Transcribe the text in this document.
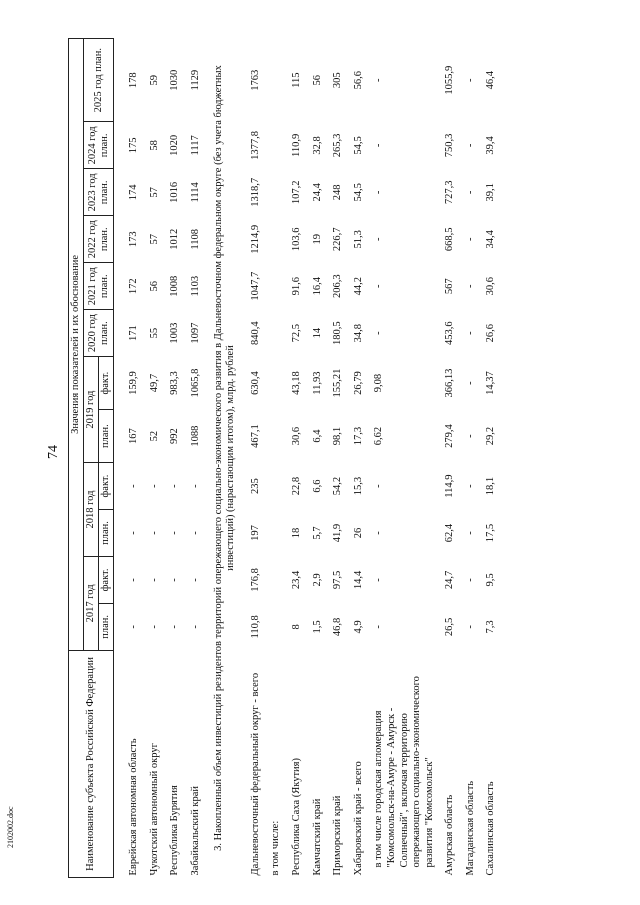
74
2102002.doc	Наименование субъекта Российской Федерации	Значения показателей и их обоснование											
	2017 год		2018 год		2019 год		2020 год план.	2021 год план.	2022 год план.	2023 год план.	2024 год план.	2025 год план.
	план.	факт.	план.	факт.	план.	факт.						

Еврейская автономная область	-	-	-	-	167	159,9	171	172	173	174	175	178
Чукотский автономный округ	-	-	-	-	52	49,7	55	56	57	57	58	59
Республика Бурятия	-	-	-	-	992	983,3	1003	1008	1012	1016	1020	1030
Забайкальский край	-	-	-	-	1088	1065,8	1097	1103	1108	1114	1117	1129
3. Накопленный объем инвестиций резидентов территорий опережающего социально-экономического развития в Дальневосточном федеральном округе (без учета бюджетных инвестиций) (нарастающим итогом), млрд. рублей												
Дальневосточный федеральный округ - всего	110,8	176,8	197	235	467,1	630,4	840,4	1047,7	1214,9	1318,7	1377,8	1763
в том числе:												
Республика Саха (Якутия)	8	23,4	18	22,8	30,6	43,18	72,5	91,6	103,6	107,2	110,9	115
Камчатский край	1,5	2,9	5,7	6,6	6,4	11,93	14	16,4	19	24,4	32,8	56
Приморский край	46,8	97,5	41,9	54,2	98,1	155,21	180,5	206,3	226,7	248	265,3	305
Хабаровский край - всего	4,9	14,4	26	15,3	17,3	26,79	34,8	44,2	51,3	54,5	54,5	56,6
в том числе городская агломерация "Комсомольск-на-Амуре - Амурск - Солнечный", включая территорию опережающего социально-экономического развития "Комсомольск"	-	-	-	-	6,62	9,08	-	-	-	-	-	-
Амурская область	26,5	24,7	62,4	114,9	279,4	366,13	453,6	567	668,5	727,3	750,3	1055,9
Магаданская область	-	-	-	-	-	-	-	-	-	-	-	-
Сахалинская область	7,3	9,5	17,5	18,1	29,2	14,37	26,6	30,6	34,4	39,1	39,4	46,4
